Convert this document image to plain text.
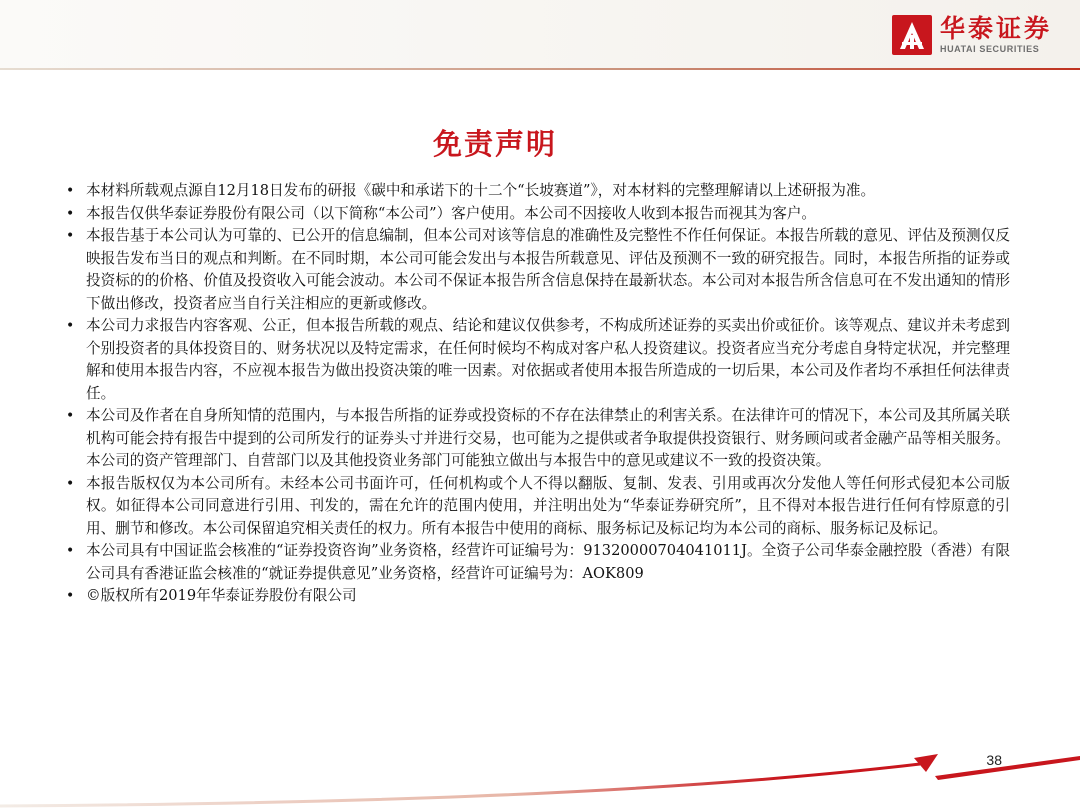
华泰证券
HUATAI SECURITIES
免责声明
• 本材料所载观点源自12月18日发布的研报《碳中和承诺下的十二个“长坡赛道”》，对本材料的完整理解请以上述研报为准。
• 本报告仅供华泰证券股份有限公司（以下简称“本公司”）客户使用。本公司不因接收人收到本报告而视其为客户。
• 本报告基于本公司认为可靠的、已公开的信息编制，但本公司对该等信息的准确性及完整性不作任何保证。本报告所载的意见、评估及预测仅反映报告发布当日的观点和判断。在不同时期，本公司可能会发出与本报告所载意见、评估及预测不一致的研究报告。同时，本报告所指的证券或投资标的的价格、价值及投资收入可能会波动。本公司不保证本报告所含信息保持在最新状态。本公司对本报告所含信息可在不发出通知的情形下做出修改，投资者应当自行关注相应的更新或修改。
• 本公司力求报告内容客观、公正，但本报告所载的观点、结论和建议仅供参考，不构成所述证券的买卖出价或征价。该等观点、建议并未考虑到个别投资者的具体投资目的、财务状况以及特定需求，在任何时候均不构成对客户私人投资建议。投资者应当充分考虑自身特定状况，并完整理解和使用本报告内容，不应视本报告为做出投资决策的唯一因素。对依据或者使用本报告所造成的一切后果，本公司及作者均不承担任何法律责任。
• 本公司及作者在自身所知情的范围内，与本报告所指的证券或投资标的不存在法律禁止的利害关系。在法律许可的情况下，本公司及其所属关联机构可能会持有报告中提到的公司所发行的证券头寸并进行交易，也可能为之提供或者争取提供投资银行、财务顾问或者金融产品等相关服务。本公司的资产管理部门、自营部门以及其他投资业务部门可能独立做出与本报告中的意见或建议不一致的投资决策。
• 本报告版权仅为本公司所有。未经本公司书面许可，任何机构或个人不得以翻版、复制、发表、引用或再次分发他人等任何形式侵犯本公司版权。如征得本公司同意进行引用、刊发的，需在允许的范围内使用，并注明出处为“华泰证券研究所”，且不得对本报告进行任何有悖原意的引用、删节和修改。本公司保留追究相关责任的权力。所有本报告中使用的商标、服务标记及标记均为本公司的商标、服务标记及标记。
• 本公司具有中国证监会核准的“证券投资咨询”业务资格，经营许可证编号为：91320000704041011J。全资子公司华泰金融控股（香港）有限公司具有香港证监会核准的“就证券提供意见”业务资格，经营许可证编号为：AOK809
• ©版权所有2019年华泰证券股份有限公司
38
